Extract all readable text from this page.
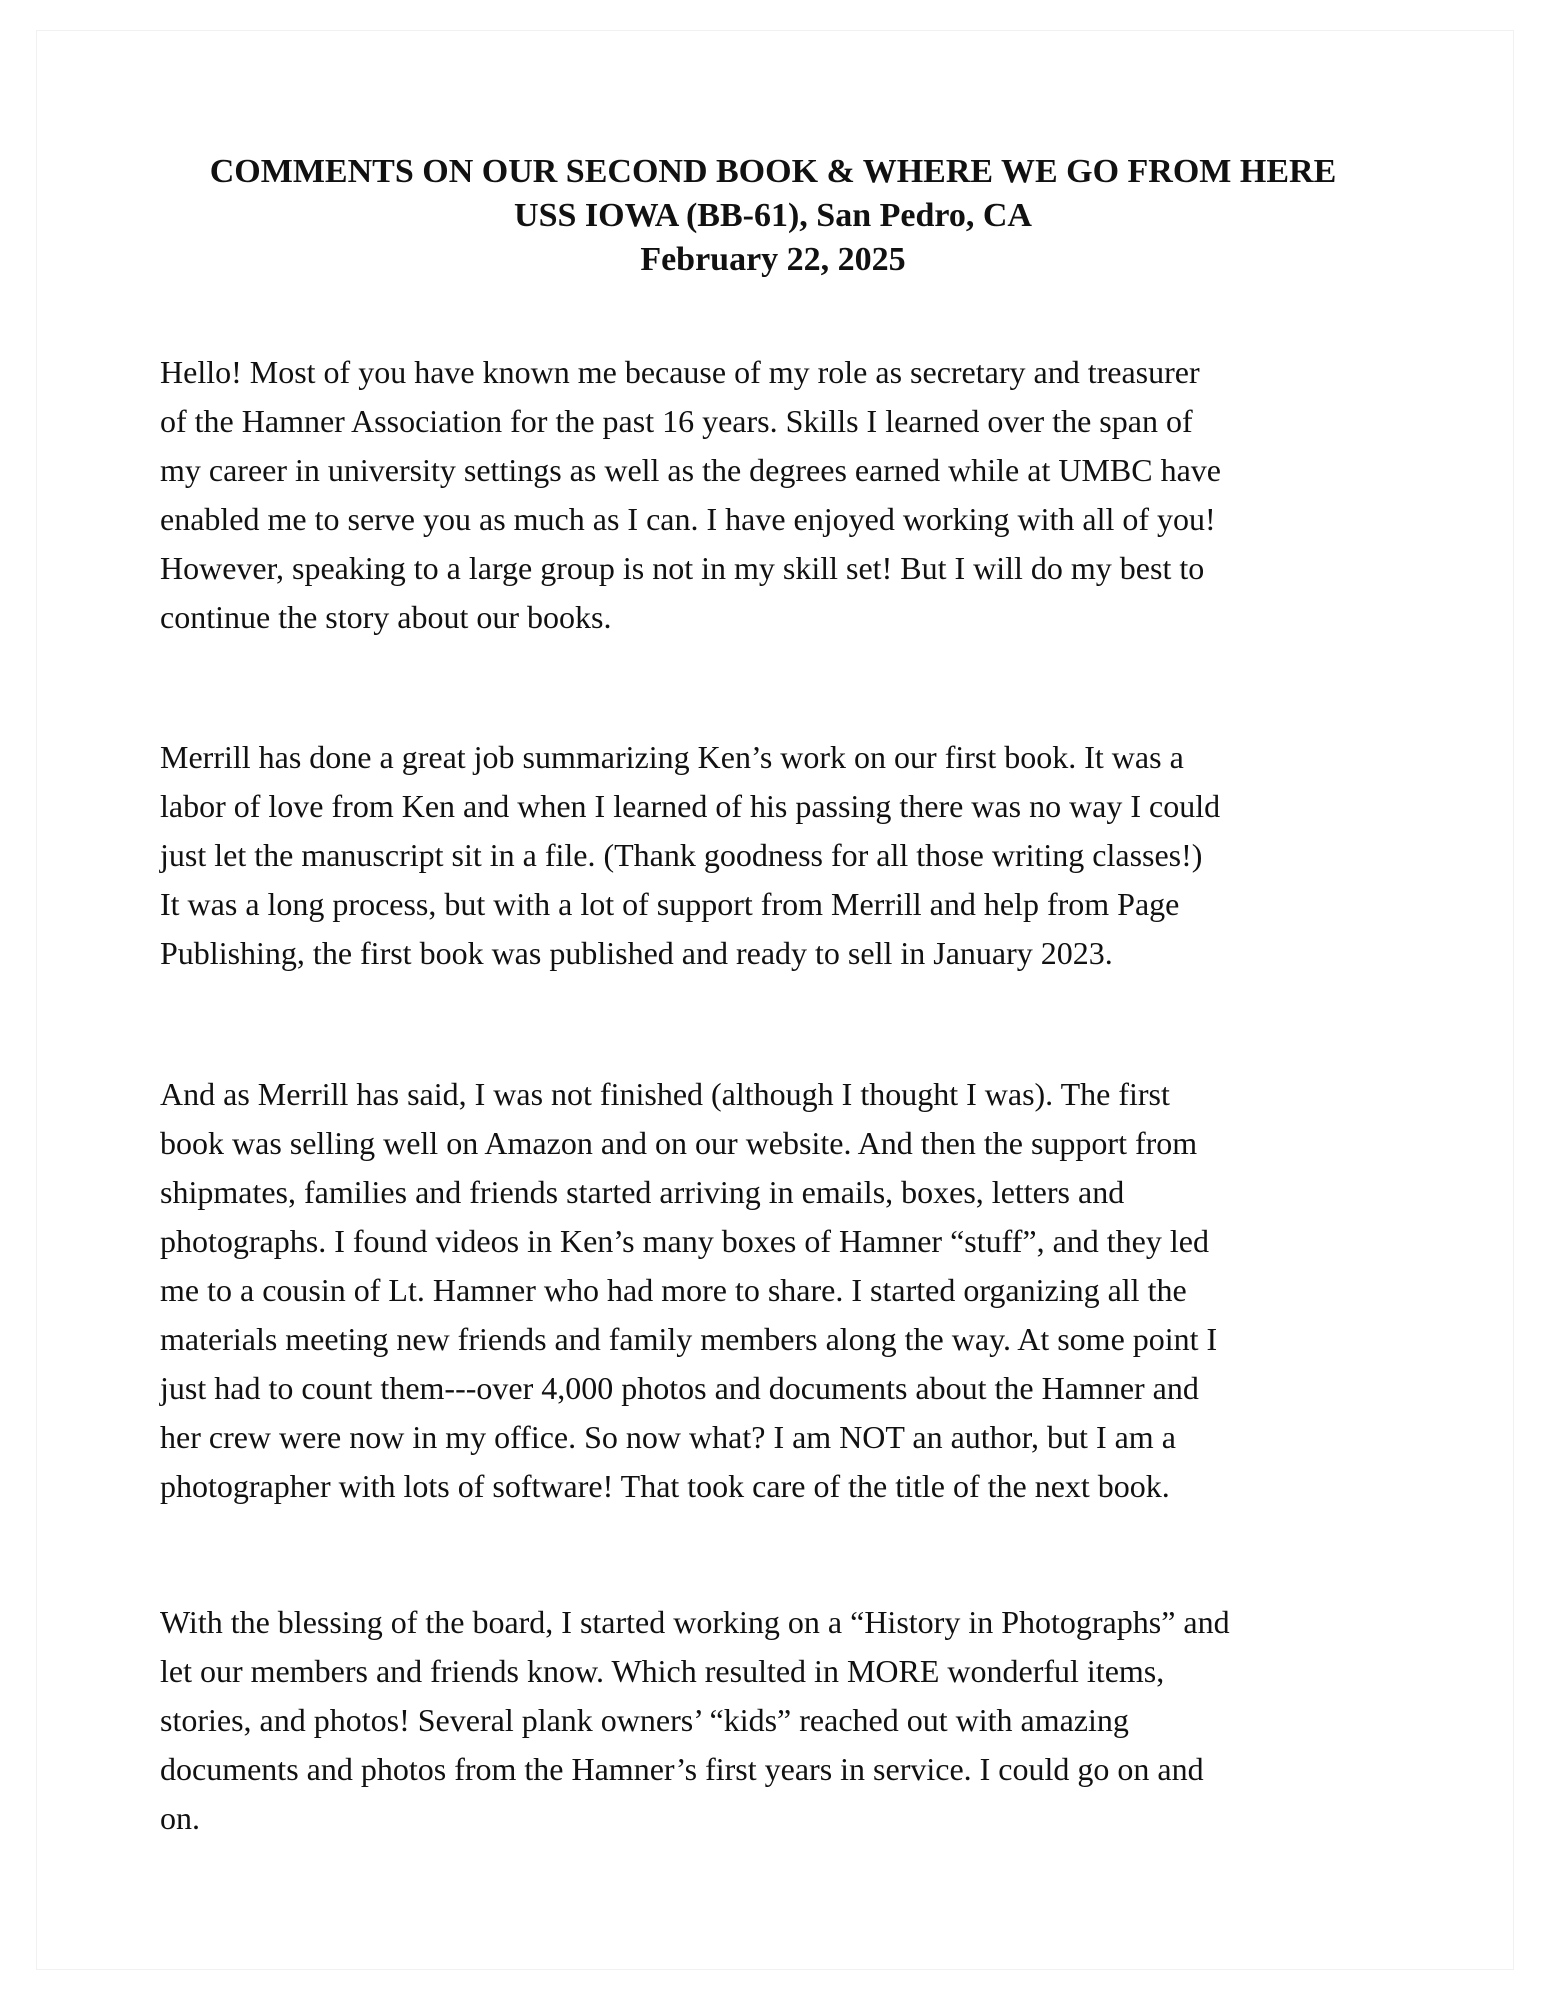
COMMENTS ON OUR SECOND BOOK & WHERE WE GO FROM HERE
USS IOWA (BB-61), San Pedro, CA
February 22, 2025
Hello! Most of you have known me because of my role as secretary and treasurer
of the Hamner Association for the past 16 years. Skills I learned over the span of
my career in university settings as well as the degrees earned while at UMBC have
enabled me to serve you as much as I can. I have enjoyed working with all of you!
However, speaking to a large group is not in my skill set! But I will do my best to
continue the story about our books.
Merrill has done a great job summarizing Ken’s work on our first book. It was a
labor of love from Ken and when I learned of his passing there was no way I could
just let the manuscript sit in a file. (Thank goodness for all those writing classes!)
It was a long process, but with a lot of support from Merrill and help from Page
Publishing, the first book was published and ready to sell in January 2023.
And as Merrill has said, I was not finished (although I thought I was). The first
book was selling well on Amazon and on our website. And then the support from
shipmates, families and friends started arriving in emails, boxes, letters and
photographs. I found videos in Ken’s many boxes of Hamner “stuff”, and they led
me to a cousin of Lt. Hamner who had more to share. I started organizing all the
materials meeting new friends and family members along the way. At some point I
just had to count them---over 4,000 photos and documents about the Hamner and
her crew were now in my office. So now what? I am NOT an author, but I am a
photographer with lots of software! That took care of the title of the next book.
With the blessing of the board, I started working on a “History in Photographs” and
let our members and friends know. Which resulted in MORE wonderful items,
stories, and photos! Several plank owners’ “kids” reached out with amazing
documents and photos from the Hamner’s first years in service. I could go on and
on.
